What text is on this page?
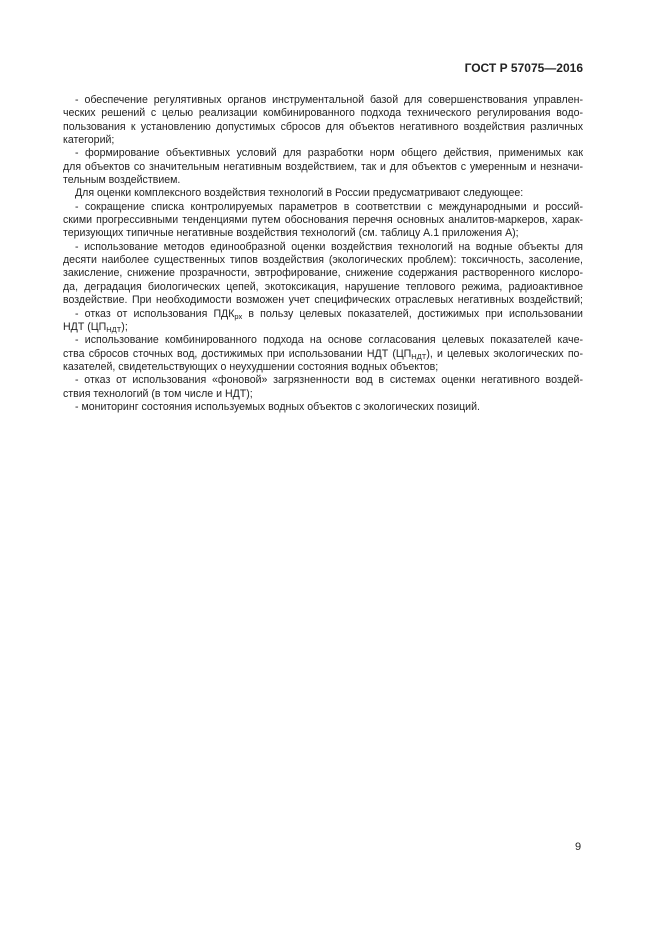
ГОСТ Р 57075—2016
- обеспечение регулятивных органов инструментальной базой для совершенствования управлен-
ческих решений с целью реализации комбинированного подхода технического регулирования водо-
пользования к установлению допустимых сбросов для объектов негативного воздействия различных
категорий;
- формирование объективных условий для разработки норм общего действия, применимых как
для объектов со значительным негативным воздействием, так и для объектов с умеренным и незначи-
тельным воздействием.
Для оценки комплексного воздействия технологий в России предусматривают следующее:
- сокращение списка контролируемых параметров в соответствии с международными и россий-
скими прогрессивными тенденциями путем обоснования перечня основных аналитов-маркеров, харак-
теризующих типичные негативные воздействия технологий (см. таблицу А.1 приложения А);
- использование методов единообразной оценки воздействия технологий на водные объекты для
десяти наиболее существенных типов воздействия (экологических проблем): токсичность, засоление,
закисление, снижение прозрачности, эвтрофирование, снижение содержания растворенного кислоро-
да, деградация биологических цепей, экотоксикация, нарушение теплового режима, радиоактивное
воздействие. При необходимости возможен учет специфических отраслевых негативных воздействий;
- отказ от использования $ПДК_{рх}$ в пользу целевых показателей, достижимых при использовании
НДТ $(ЦП_{НДТ})$;
- использование комбинированного подхода на основе согласования целевых показателей каче-
ства сбросов сточных вод, достижимых при использовании НДТ $(ЦП_{НДТ})$, и целевых экологических по-
казателей, свидетельствующих о неухудшении состояния водных объектов;
- отказ от использования «фоновой» загрязненности вод в системах оценки негативного воздей-
ствия технологий (в том числе и НДТ);
- мониторинг состояния используемых водных объектов с экологических позиций.
9
